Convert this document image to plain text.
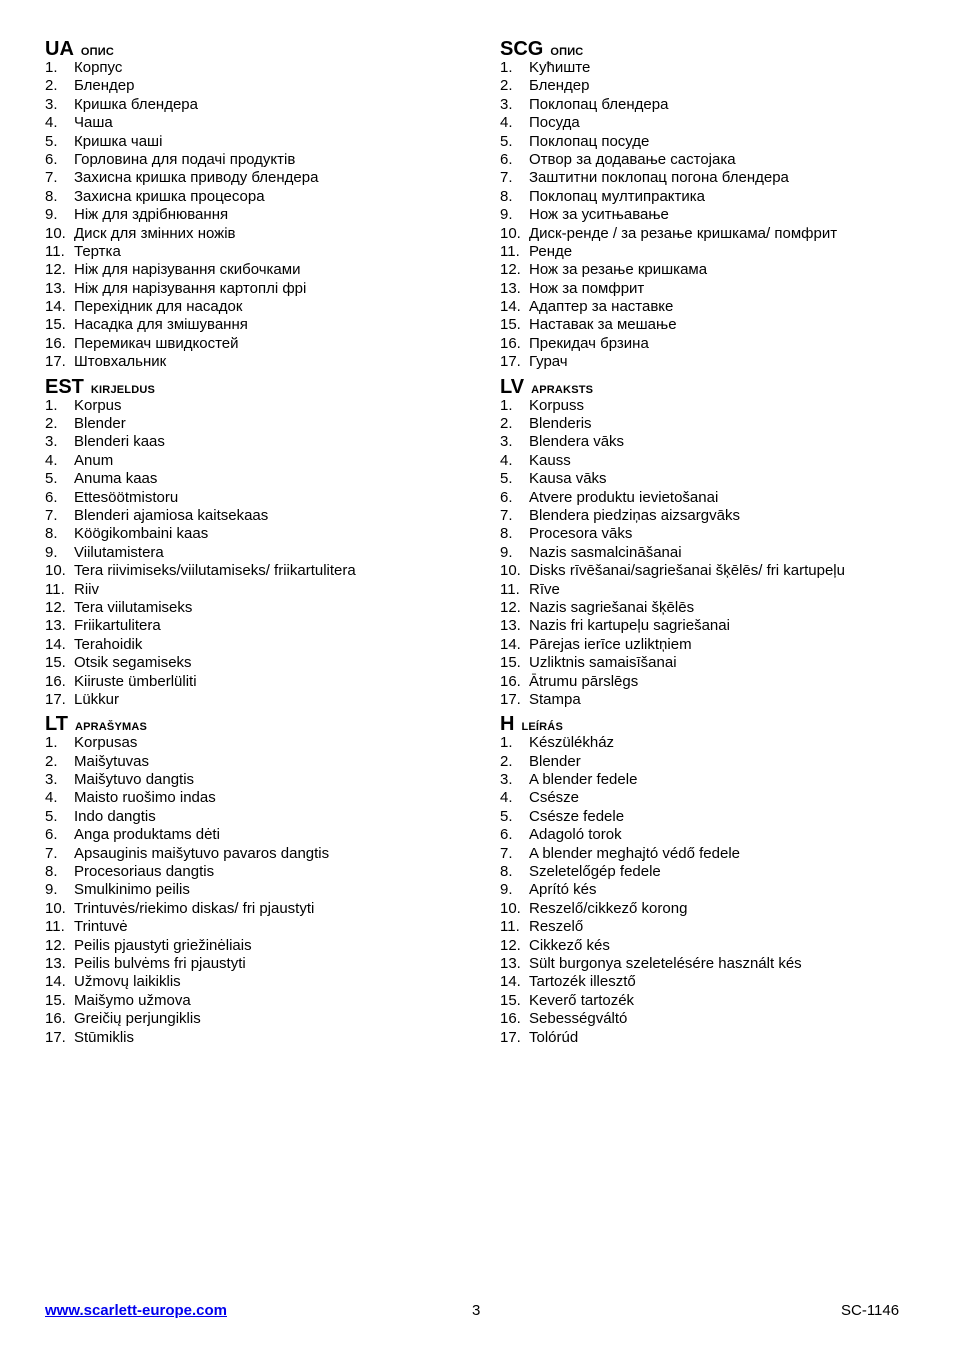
UA опис
1. Корпус
2. Блендер
3. Кришка блендера
4. Чаша
5. Кришка чаші
6. Горловина для подачі продуктів
7. Захисна кришка приводу блендера
8. Захисна кришка процесора
9. Ніж для здрібнювання
10. Диск для змінних ножів
11. Тертка
12. Ніж для нарізування скибочками
13. Ніж для нарізування картоплі фрі
14. Перехідник для насадок
15. Насадка для змішування
16. Перемикач швидкостей
17. Штовхальник
EST kirjeldus
1. Korpus
2. Blender
3. Blenderi kaas
4. Anum
5. Anuma kaas
6. Ettesöötmistoru
7. Blenderi ajamiosa kaitsekaas
8. Köögikombaini kaas
9. Viilutamistera
10. Tera riivimiseks/viilutamiseks/ friikartulitera
11. Riiv
12. Tera viilutamiseks
13. Friikartulitera
14. Terahoidik
15. Otsik segamiseks
16. Kiiruste ümberlüliti
17. Lükkur
LT aprašymas
1. Korpusas
2. Maišytuvas
3. Maišytuvo dangtis
4. Maisto ruošimo indas
5. Indo dangtis
6. Anga produktams dėti
7. Apsauginis maišytuvo pavaros dangtis
8. Procesoriaus dangtis
9. Smulkinimo peilis
10. Trintuvės/riekimo diskas/ fri pjaustyti
11. Trintuvė
12. Peilis pjaustyti griežinėliais
13. Peilis bulvėms fri pjaustyti
14. Užmovų laikiklis
15. Maišymo užmova
16. Greičių perjungiklis
17. Stūmiklis
SCG опис
1. Kућиште
2. Блендер
3. Поклопац блендера
4. Посуда
5. Поклопац посуде
6. Отвор за додавање састојака
7. Заштитни поклопац погона блендера
8. Поклопац мултипрактика
9. Нож за уситњавање
10. Диск-ренде / за резање кришкама/ помфрит
11. Ренде
12. Нож за резање кришкама
13. Нож за помфрит
14. Адаптер за наставке
15. Наставак за мешање
16. Прекидач брзина
17. Гурач
LV apraksts
1. Korpuss
2. Blenderis
3. Blendera vāks
4. Kauss
5. Kausa vāks
6. Atvere produktu ievietošanai
7. Blendera piedziņas aizsargvāks
8. Procesora vāks
9. Nazis sasmalcināšanai
10. Disks rīvēšanai/sagriešanai šķēlēs/ fri kartupeļu
11. Rīve
12. Nazis sagriešanai šķēlēs
13. Nazis fri kartupeļu sagriešanai
14. Pārejas ierīce uzliktņiem
15. Uzliktnis samaisīšanai
16. Ātrumu pārslēgs
17. Stampa
H leírás
1. Készülékház
2. Blender
3. A blender fedele
4. Csésze
5. Csésze fedele
6. Adagoló torok
7. A blender meghajtó védő fedele
8. Szeletelőgép fedele
9. Aprító kés
10. Reszelő/cikkező korong
11. Reszelő
12. Cikkező kés
13. Sült burgonya szeletelésére használt kés
14. Tartozék illesztő
15. Keverő tartozék
16. Sebességváltó
17. Tolórúd
www.scarlett-europe.com	3	SC-1146
